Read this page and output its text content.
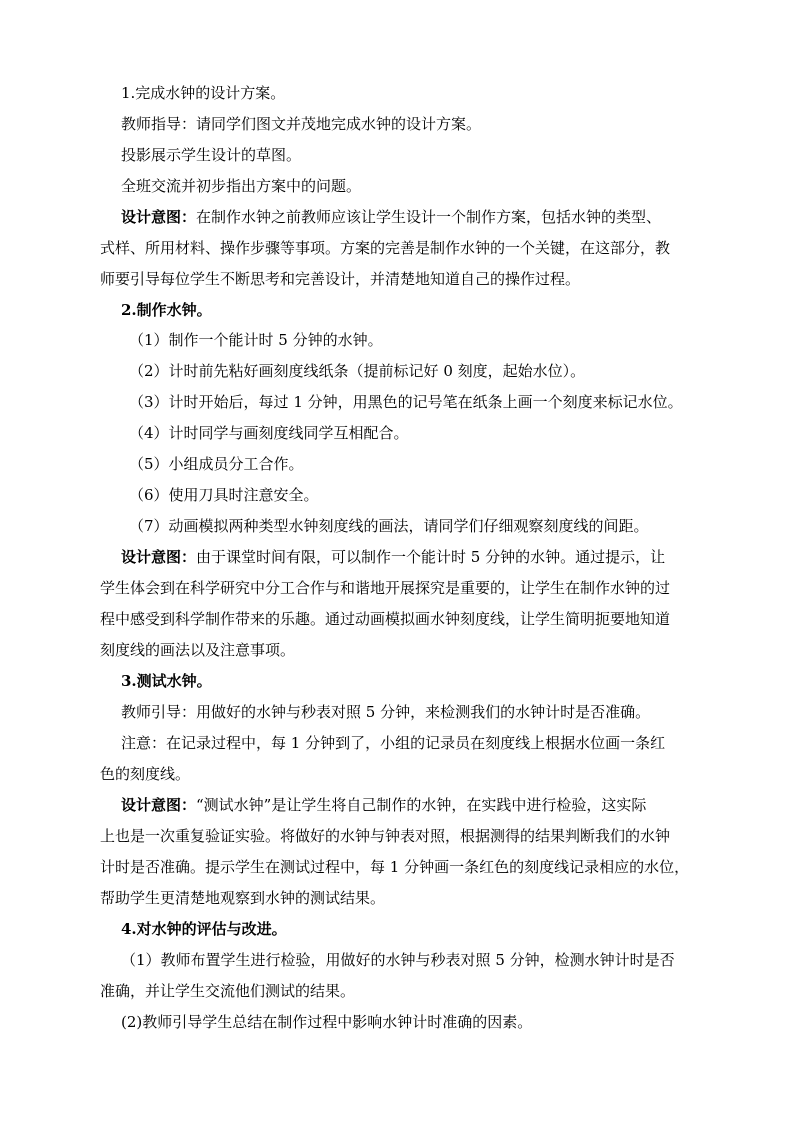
1.完成水钟的设计方案。
教师指导：请同学们图文并茂地完成水钟的设计方案。
投影展示学生设计的草图。
全班交流并初步指出方案中的问题。
设计意图：在制作水钟之前教师应该让学生设计一个制作方案，包括水钟的类型、
式样、所用材料、操作步骤等事项。方案的完善是制作水钟的一个关键，在这部分，教
师要引导每位学生不断思考和完善设计，并清楚地知道自己的操作过程。
2.制作水钟。
（1）制作一个能计时 5 分钟的水钟。
（2）计时前先粘好画刻度线纸条（提前标记好 0 刻度，起始水位）。
（3）计时开始后，每过 1 分钟，用黑色的记号笔在纸条上画一个刻度来标记水位。
（4）计时同学与画刻度线同学互相配合。
（5）小组成员分工合作。
（6）使用刀具时注意安全。
（7）动画模拟两种类型水钟刻度线的画法，请同学们仔细观察刻度线的间距。
设计意图：由于课堂时间有限，可以制作一个能计时 5 分钟的水钟。通过提示，让
学生体会到在科学研究中分工合作与和谐地开展探究是重要的，让学生在制作水钟的过
程中感受到科学制作带来的乐趣。通过动画模拟画水钟刻度线，让学生简明扼要地知道
刻度线的画法以及注意事项。
3.测试水钟。
教师引导：用做好的水钟与秒表对照 5 分钟，来检测我们的水钟计时是否准确。
注意：在记录过程中，每 1 分钟到了，小组的记录员在刻度线上根据水位画一条红
色的刻度线。
设计意图：“测试水钟”是让学生将自己制作的水钟，在实践中进行检验，这实际
上也是一次重复验证实验。将做好的水钟与钟表对照，根据测得的结果判断我们的水钟
计时是否准确。提示学生在测试过程中，每 1 分钟画一条红色的刻度线记录相应的水位，
帮助学生更清楚地观察到水钟的测试结果。
4.对水钟的评估与改进。
（1）教师布置学生进行检验，用做好的水钟与秒表对照 5 分钟，检测水钟计时是否
准确，并让学生交流他们测试的结果。
(2)教师引导学生总结在制作过程中影响水钟计时准确的因素。
